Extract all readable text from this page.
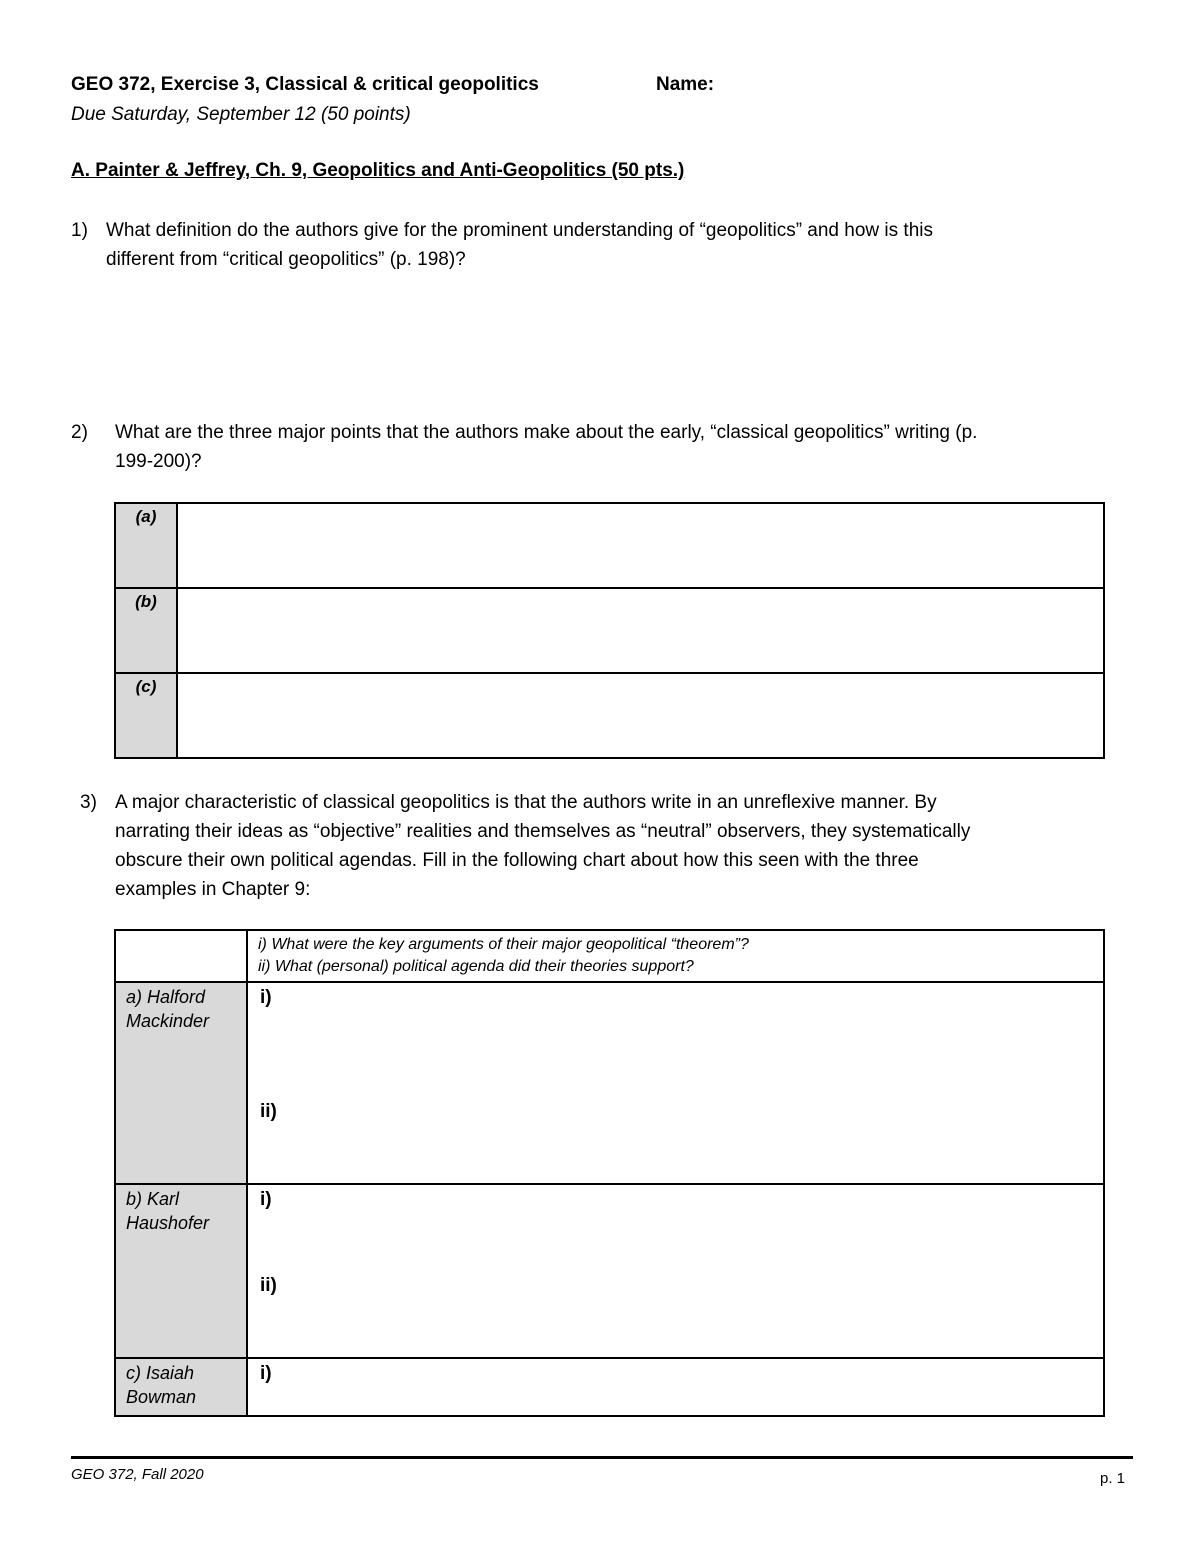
GEO 372, Exercise 3, Classical & critical geopolitics	Name:
Due Saturday, September 12 (50 points)
A. Painter & Jeffrey, Ch. 9, Geopolitics and Anti-Geopolitics (50 pts.)
1) What definition do the authors give for the prominent understanding of “geopolitics” and how is this
different from “critical geopolitics” (p. 198)?
2) What are the three major points that the authors make about the early, “classical geopolitics” writing (p.
199-200)?
(a)	
(b)	
(c)	
3) A major characteristic of classical geopolitics is that the authors write in an unreflexive manner. By
narrating their ideas as “objective” realities and themselves as “neutral” observers, they systematically
obscure their own political agendas. Fill in the following chart about how this seen with the three
examples in Chapter 9:
	i) What were the key arguments of their major geopolitical “theorem”?
ii) What (personal) political agenda did their theories support?
a) Halford
Mackinder	i)
ii)

b) Karl
Haushofer	i)
ii)

c) Isaiah
Bowman	i)
GEO 372, Fall 2020	p. 1
